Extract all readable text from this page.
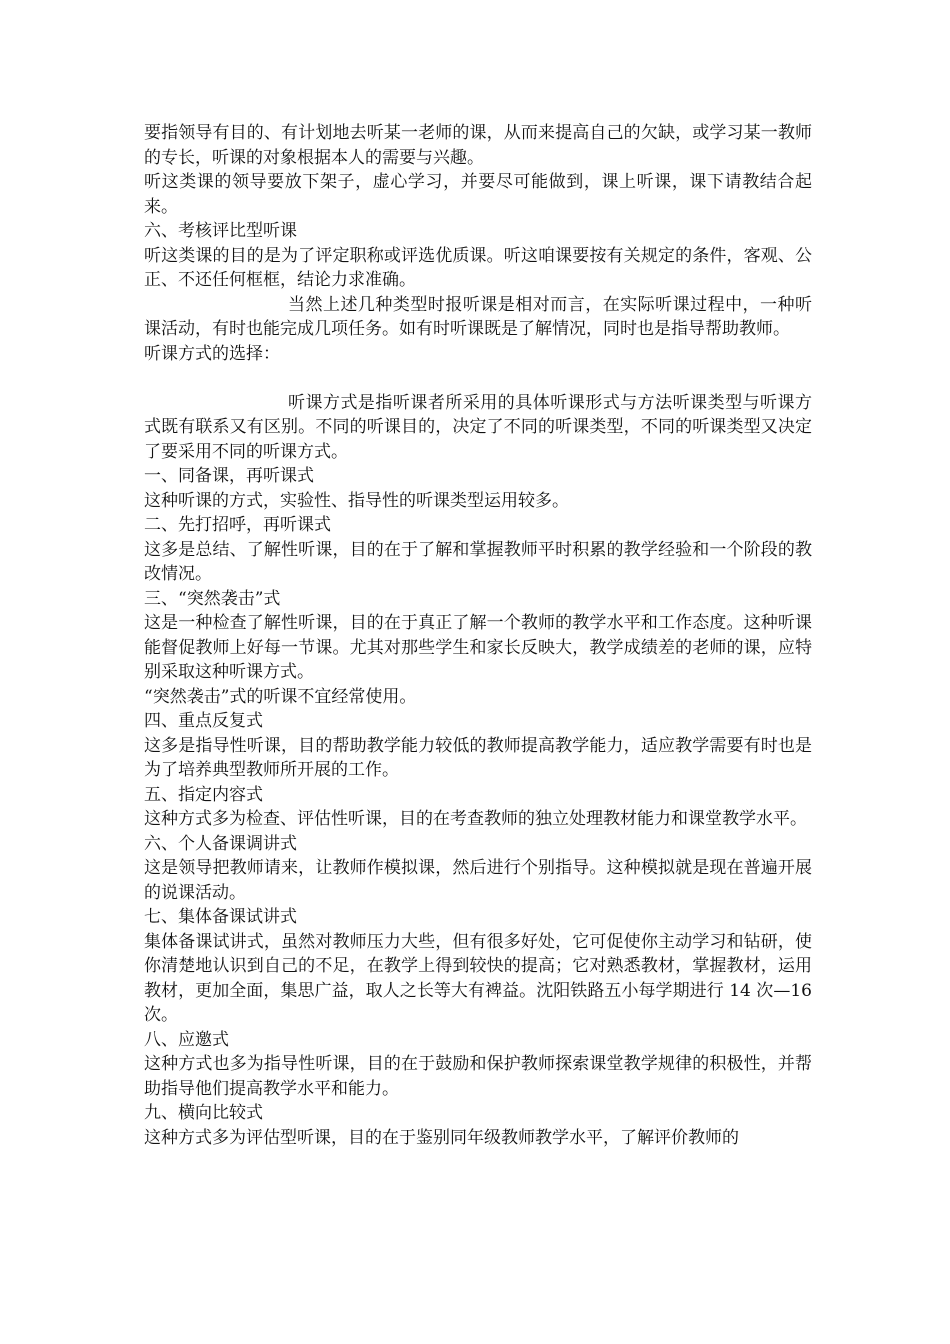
要指领导有目的、有计划地去听某一老师的课，从而来提高自己的欠缺，或学习某一教师的专长，听课的对象根据本人的需要与兴趣。

听这类课的领导要放下架子，虚心学习，并要尽可能做到，课上听课，课下请教结合起来。

六、考核评比型听课

听这类课的目的是为了评定职称或评选优质课。听这咱课要按有关规定的条件，客观、公正、不还任何框框，结论力求准确。

当然上述几种类型时报听课是相对而言，在实际听课过程中，一种听课活动，有时也能完成几项任务。如有时听课既是了解情况，同时也是指导帮助教师。

听课方式的选择：

听课方式是指听课者所采用的具体听课形式与方法听课类型与听课方式既有联系又有区别。不同的听课目的，决定了不同的听课类型，不同的听课类型又决定了要采用不同的听课方式。

一、同备课，再听课式

这种听课的方式，实验性、指导性的听课类型运用较多。

二、先打招呼，再听课式

这多是总结、了解性听课，目的在于了解和掌握教师平时积累的教学经验和一个阶段的教改情况。

三、“突然袭击”式

这是一种检查了解性听课，目的在于真正了解一个教师的教学水平和工作态度。这种听课能督促教师上好每一节课。尤其对那些学生和家长反映大，教学成绩差的老师的课，应特别采取这种听课方式。

“突然袭击”式的听课不宜经常使用。

四、重点反复式

这多是指导性听课，目的帮助教学能力较低的教师提高教学能力，适应教学需要有时也是为了培养典型教师所开展的工作。

五、指定内容式

这种方式多为检查、评估性听课，目的在考查教师的独立处理教材能力和课堂教学水平。

六、个人备课调讲式

这是领导把教师请来，让教师作模拟课，然后进行个别指导。这种模拟就是现在普遍开展的说课活动。

七、集体备课试讲式

集体备课试讲式，虽然对教师压力大些，但有很多好处，它可促使你主动学习和钻研，使你清楚地认识到自己的不足，在教学上得到较快的提高；它对熟悉教材，掌握教材，运用教材，更加全面，集思广益，取人之长等大有裨益。沈阳铁路五小每学期进行 14 次—16 次。

八、应邀式

这种方式也多为指导性听课，目的在于鼓励和保护教师探索课堂教学规律的积极性，并帮助指导他们提高教学水平和能力。

九、横向比较式

这种方式多为评估型听课，目的在于鉴别同年级教师教学水平，了解评价教师的
